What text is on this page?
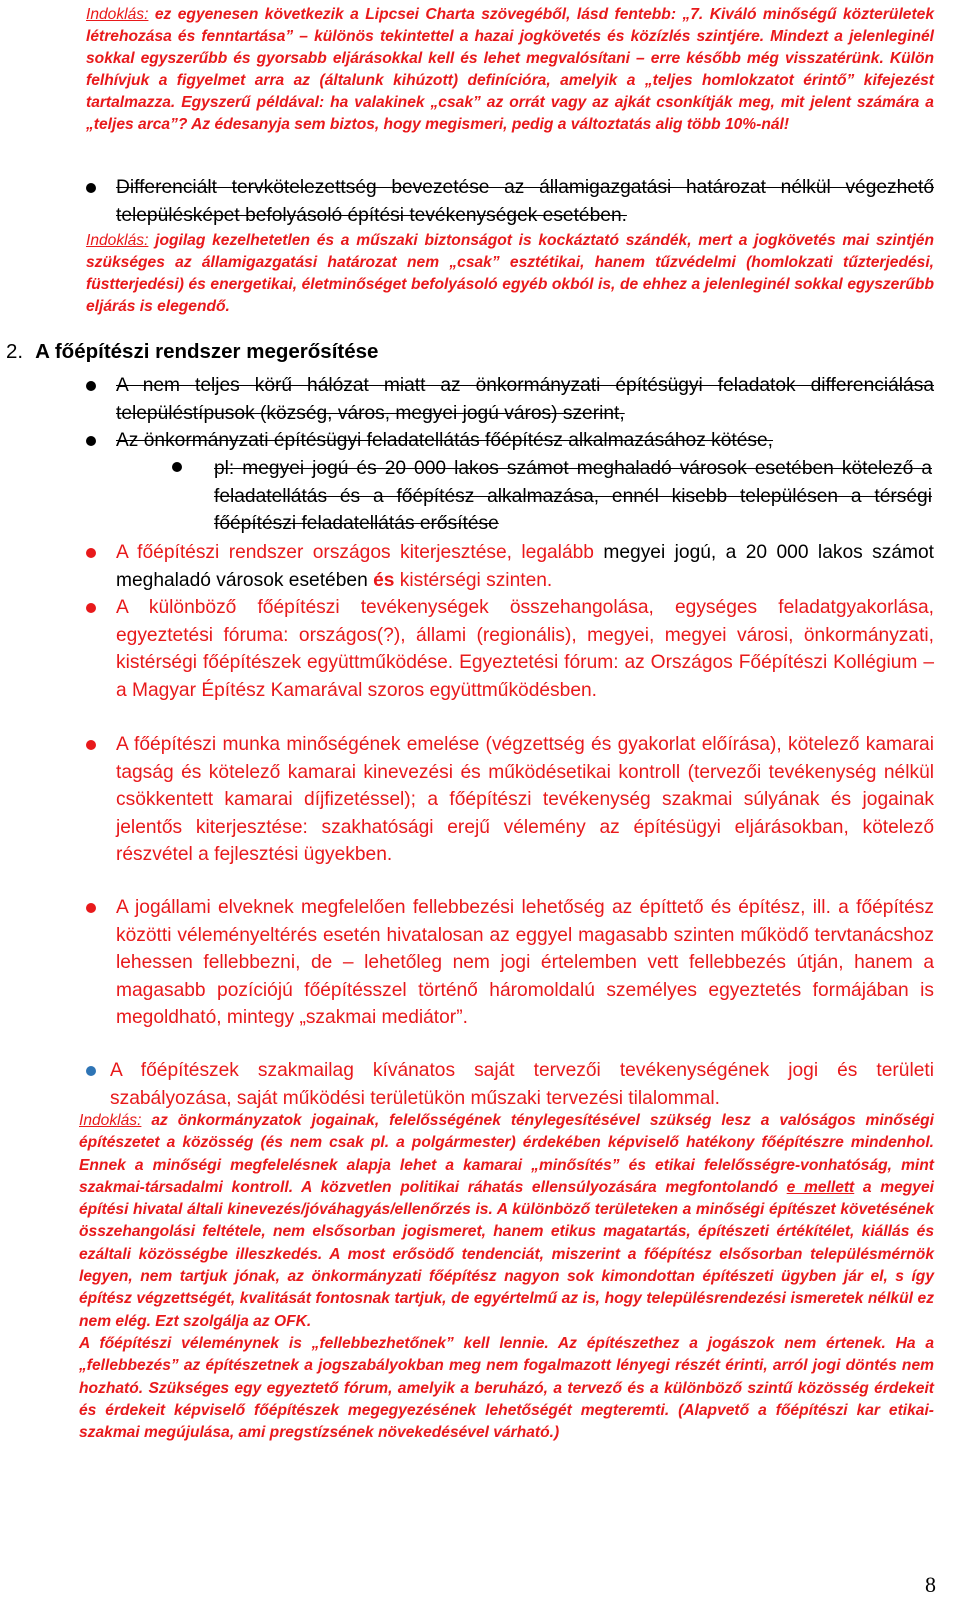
Indoklás: ez egyenesen következik a Lipcsei Charta szövegéből, lásd fentebb: „7. Kiváló minőségű közterületek létrehozása és fenntartása” – különös tekintettel a hazai jogkövetés és közízlés szintjére. Mindezt a jelenleginél sokkal egyszerűbb és gyorsabb eljárásokkal kell és lehet megvalósítani – erre később még visszatérünk. Külön felhívjuk a figyelmet arra az (általunk kihúzott) definícióra, amelyik a „teljes homlokzatot érintő” kifejezést tartalmazza. Egyszerű példával: ha valakinek „csak” az orrát vagy az ajkát csonkítják meg, mit jelent számára a „teljes arca”? Az édesanyja sem biztos, hogy megismeri, pedig a változtatás alig több 10%-nál!
Differenciált tervkötelezettség bevezetése az államigazgatási határozat nélkül végezhető településképet befolyásoló építési tevékenységek esetében.
Indoklás: jogilag kezelhetetlen és a műszaki biztonságot is kockáztató szándék, mert a jogkövetés mai szintjén szükséges az államigazgatási határozat nem „csak” esztétikai, hanem tűzvédelmi (homlokzati tűzterjedési, füstterjedési) és energetikai, életminőséget befolyásoló egyéb okból is, de ehhez a jelenleginél sokkal egyszerűbb eljárás is elegendő.
2. A főépítészi rendszer megerősítése
A nem teljes körű hálózat miatt az önkormányzati építésügyi feladatok differenciálása településtípusok (község, város, megyei jogú város) szerint,
Az önkormányzati építésügyi feladatellátás főépítész alkalmazásához kötése,
pl: megyei jogú és 20 000 lakos számot meghaladó városok esetében kötelező a feladatellátás és a főépítész alkalmazása, ennél kisebb településen a térségi főépítészi feladatellátás erősítése
A főépítészi rendszer országos kiterjesztése, legalább megyei jogú, a 20 000 lakos számot meghaladó városok esetében és kistérségi szinten.
A különböző főépítészi tevékenységek összehangolása, egységes feladatgyakorlása, egyeztetési fóruma: országos(?), állami (regionális), megyei, megyei városi, önkormányzati, kistérségi főépítészek együttműködése. Egyeztetési fórum: az Országos Főépítészi Kollégium – a Magyar Építész Kamarával szoros együttműködésben.
A főépítészi munka minőségének emelése (végzettség és gyakorlat előírása), kötelező kamarai tagság és kötelező kamarai kinevezési és működésetikai kontroll (tervezői tevékenység nélkül csökkentett kamarai díjfizetéssel); a főépítészi tevékenység szakmai súlyának és jogainak jelentős kiterjesztése: szakhatósági erejű vélemény az építésügyi eljárásokban, kötelező részvétel a fejlesztési ügyekben.
A jogállami elveknek megfelelően fellebbezési lehetőség az építtető és építész, ill. a főépítész közötti véleményeltérés esetén hivatalosan az eggyel magasabb szinten működő tervtanácshoz lehessen fellebbezni, de – lehetőleg nem jogi értelemben vett fellebbezés útján, hanem a magasabb pozíciójú főépítésszel történő háromoldalú személyes egyeztetés formájában is megoldható, mintegy „szakmai mediátor”.
A főépítészek szakmailag kívánatos saját tervezői tevékenységének jogi és területi szabályozása, saját működési területükön műszaki tervezési tilalommal.
Indoklás: az önkormányzatok jogainak, felelősségének ténylegesítésével szükség lesz a valóságos minőségi építészetet a közösség (és nem csak pl. a polgármester) érdekében képviselő hatékony főépítészre mindenhol. Ennek a minőségi megfelelésnek alapja lehet a kamarai „minősítés” és etikai felelősségre-vonhatóság, mint szakmai-társadalmi kontroll. A közvetlen politikai ráhatás ellensúlyozására megfontolandó e mellett a megyei építési hivatal általi kinevezés/jóváhagyás/ellenőrzés is. A különböző területeken a minőségi építészet követésének összehangolási feltétele, nem elsősorban jogismeret, hanem etikus magatartás, építészeti értékítélet, kiállás és ezáltali közösségbe illeszkedés. A most erősödő tendenciát, miszerint a főépítész elsősorban településmérnök legyen, nem tartjuk jónak, az önkormányzati főépítész nagyon sok kimondottan építészeti ügyben jár el, s így építész végzettségét, kvalitását fontosnak tartjuk, de egyértelmű az is, hogy településrendezési ismeretek nélkül ez nem elég. Ezt szolgálja az OFK.
A főépítészi véleménynek is „fellebbezhetőnek” kell lennie. Az építészethez a jogászok nem értenek. Ha a „fellebbezés” az építészetnek a jogszabályokban meg nem fogalmazott lényegi részét érinti, arról jogi döntés nem hozható. Szükséges egy egyeztető fórum, amelyik a beruházó, a tervező és a különböző szintű közösség érdekeit és érdekeit képviselő főépítészek megegyezésének lehetőségét megteremti. (Alapvető a főépítészi kar etikai-szakmai megújulása, ami pregstízsének növekedésével várható.)
8
